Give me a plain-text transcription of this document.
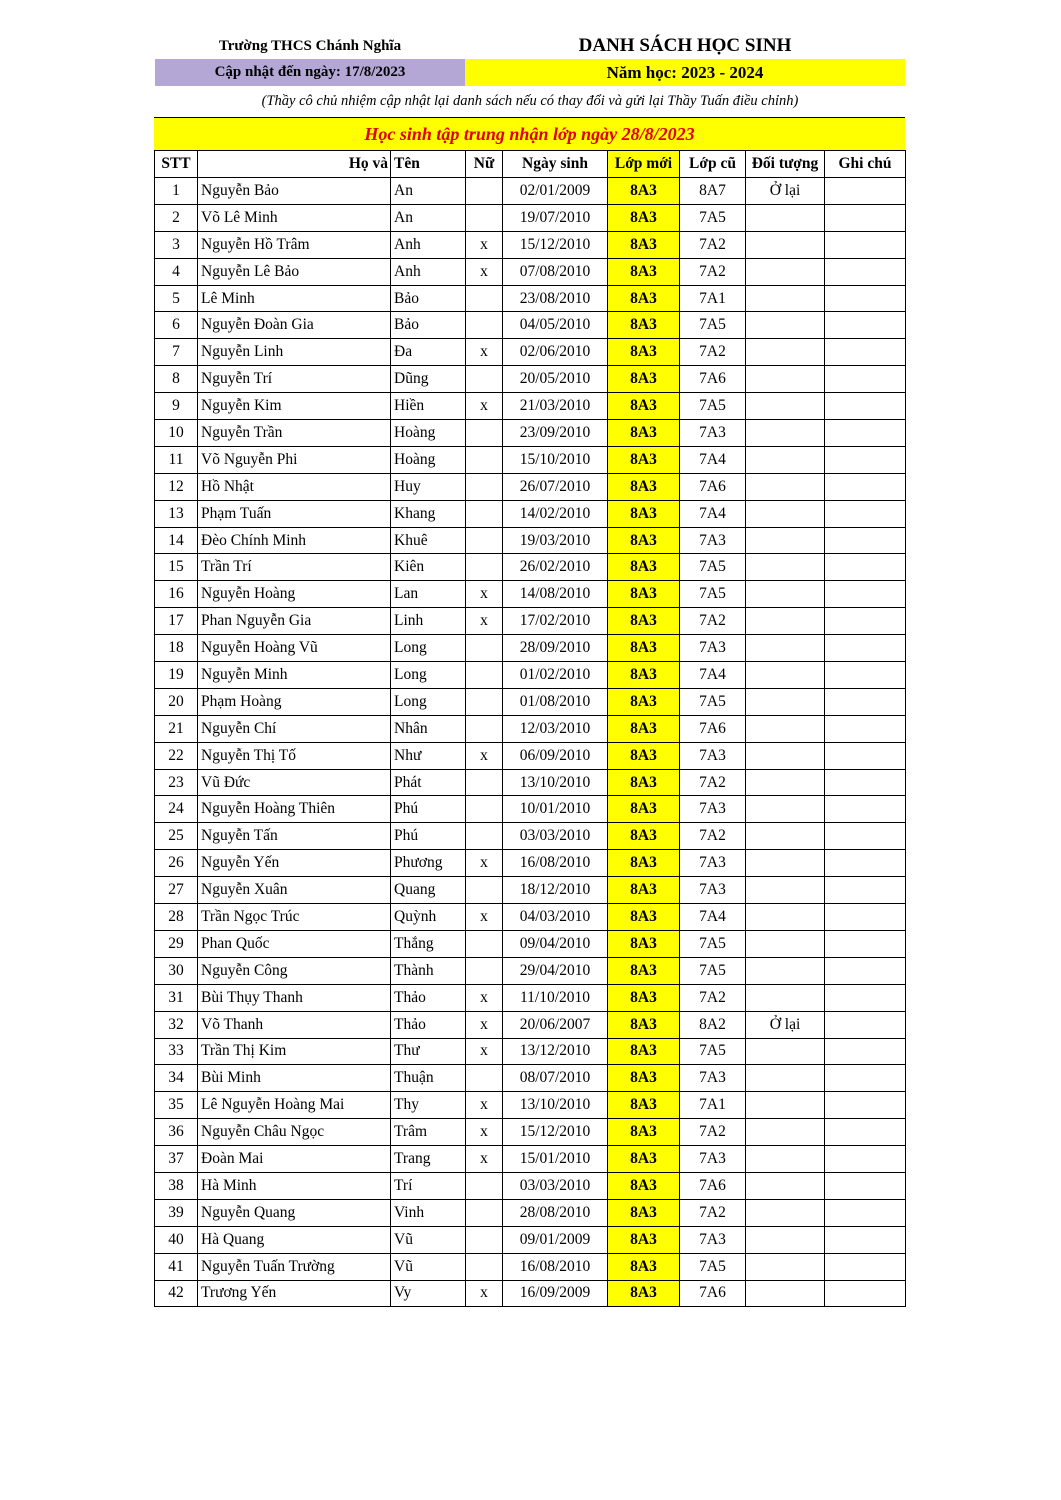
Trường THCS Chánh Nghĩa	DANH SÁCH HỌC SINH
Cập nhật đến ngày: 17/8/2023	Năm học: 2023 - 2024
(Thầy cô chủ nhiệm cập nhật lại danh sách nếu có thay đổi và gửi lại Thầy Tuấn điều chỉnh)
Học sinh tập trung nhận lớp ngày 28/8/2023
STT	Họ và	Tên	Nữ	Ngày sinh	Lớp mới	Lớp cũ	Đối tượng	Ghi chú
1	Nguyễn Bảo	An		02/01/2009	8A3	8A7	Ở lại	
2	Võ Lê Minh	An		19/07/2010	8A3	7A5		
3	Nguyễn Hồ Trâm	Anh	x	15/12/2010	8A3	7A2		
4	Nguyễn Lê Bảo	Anh	x	07/08/2010	8A3	7A2		
5	Lê Minh	Bảo		23/08/2010	8A3	7A1		
6	Nguyễn Đoàn Gia	Bảo		04/05/2010	8A3	7A5		
7	Nguyễn Linh	Đa	x	02/06/2010	8A3	7A2		
8	Nguyễn Trí	Dũng		20/05/2010	8A3	7A6		
9	Nguyễn Kim	Hiền	x	21/03/2010	8A3	7A5		
10	Nguyễn Trần	Hoàng		23/09/2010	8A3	7A3		
11	Võ Nguyễn Phi	Hoàng		15/10/2010	8A3	7A4		
12	Hồ Nhật	Huy		26/07/2010	8A3	7A6		
13	Phạm Tuấn	Khang		14/02/2010	8A3	7A4		
14	Đèo Chính Minh	Khuê		19/03/2010	8A3	7A3		
15	Trần Trí	Kiên		26/02/2010	8A3	7A5		
16	Nguyễn Hoàng	Lan	x	14/08/2010	8A3	7A5		
17	Phan Nguyễn Gia	Linh	x	17/02/2010	8A3	7A2		
18	Nguyễn Hoàng Vũ	Long		28/09/2010	8A3	7A3		
19	Nguyễn Minh	Long		01/02/2010	8A3	7A4		
20	Phạm Hoàng	Long		01/08/2010	8A3	7A5		
21	Nguyễn Chí	Nhân		12/03/2010	8A3	7A6		
22	Nguyễn Thị Tố	Như	x	06/09/2010	8A3	7A3		
23	Vũ Đức	Phát		13/10/2010	8A3	7A2		
24	Nguyễn Hoàng Thiên	Phú		10/01/2010	8A3	7A3		
25	Nguyễn Tấn	Phú		03/03/2010	8A3	7A2		
26	Nguyễn Yến	Phương	x	16/08/2010	8A3	7A3		
27	Nguyễn Xuân	Quang		18/12/2010	8A3	7A3		
28	Trần Ngọc Trúc	Quỳnh	x	04/03/2010	8A3	7A4		
29	Phan Quốc	Thắng		09/04/2010	8A3	7A5		
30	Nguyễn Công	Thành		29/04/2010	8A3	7A5		
31	Bùi Thụy Thanh	Thảo	x	11/10/2010	8A3	7A2		
32	Võ Thanh	Thảo	x	20/06/2007	8A3	8A2	Ở lại	
33	Trần Thị Kim	Thư	x	13/12/2010	8A3	7A5		
34	Bùi Minh	Thuận		08/07/2010	8A3	7A3		
35	Lê Nguyễn Hoàng Mai	Thy	x	13/10/2010	8A3	7A1		
36	Nguyễn Châu Ngọc	Trâm	x	15/12/2010	8A3	7A2		
37	Đoàn Mai	Trang	x	15/01/2010	8A3	7A3		
38	Hà Minh	Trí		03/03/2010	8A3	7A6		
39	Nguyễn Quang	Vinh		28/08/2010	8A3	7A2		
40	Hà Quang	Vũ		09/01/2009	8A3	7A3		
41	Nguyễn Tuấn Trường	Vũ		16/08/2010	8A3	7A5		
42	Trương Yến	Vy	x	16/09/2009	8A3	7A6		
